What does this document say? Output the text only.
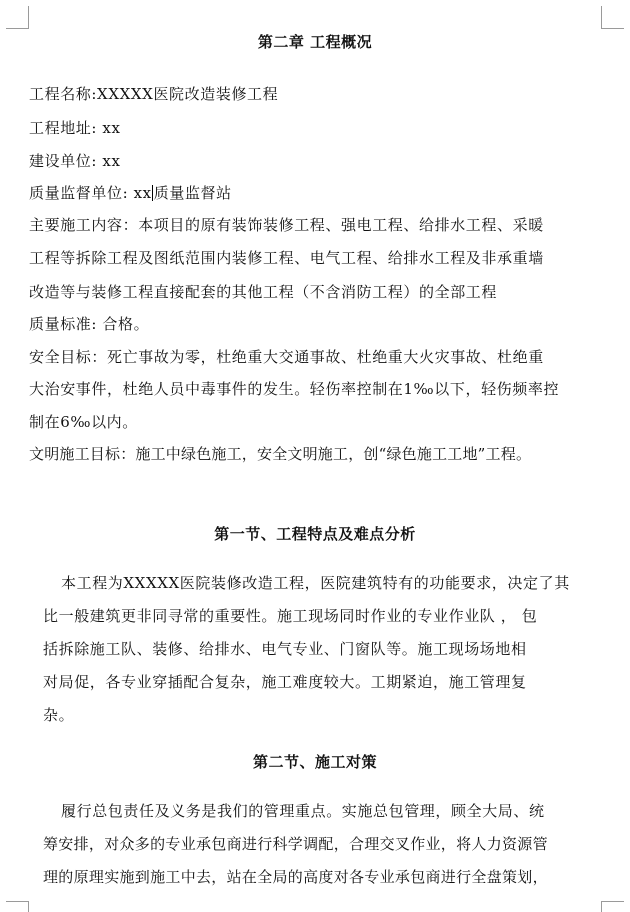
第二章 工程概况
工程名称:XXXXX医院改造装修工程
工程地址: xx
建设单位: xx
质量监督单位: xx 质量监督站
主要施工内容：本项目的原有装饰装修工程、强电工程、给排水工程、采暖
工程等拆除工程及图纸范围内装修工程、电气工程、给排水工程及非承重墙
改造等与装修工程直接配套的其他工程（不含消防工程）的全部工程
质量标准: 合格。
安全目标：死亡事故为零，杜绝重大交通事故、杜绝重大火灾事故、杜绝重
大治安事件，杜绝人员中毒事件的发生。轻伤率控制在1‰以下，轻伤频率控
制在6‰以内。
文明施工目标：施工中绿色施工，安全文明施工，创“绿色施工工地”工程。
第一节、工程特点及难点分析
本工程为XXXXX医院装修改造工程，医院建筑特有的功能要求，决定了其
比一般建筑更非同寻常的重要性。施工现场同时作业的专业作业队 ， 包
括拆除施工队、装修、给排水、电气专业、门窗队等。施工现场场地相
对局促，各专业穿插配合复杂，施工难度较大。工期紧迫，施工管理复
杂。
第二节、施工对策
履行总包责任及义务是我们的管理重点。实施总包管理，顾全大局、统
筹安排，对众多的专业承包商进行科学调配，合理交叉作业，将人力资源管
理的原理实施到施工中去，站在全局的高度对各专业承包商进行全盘策划，
